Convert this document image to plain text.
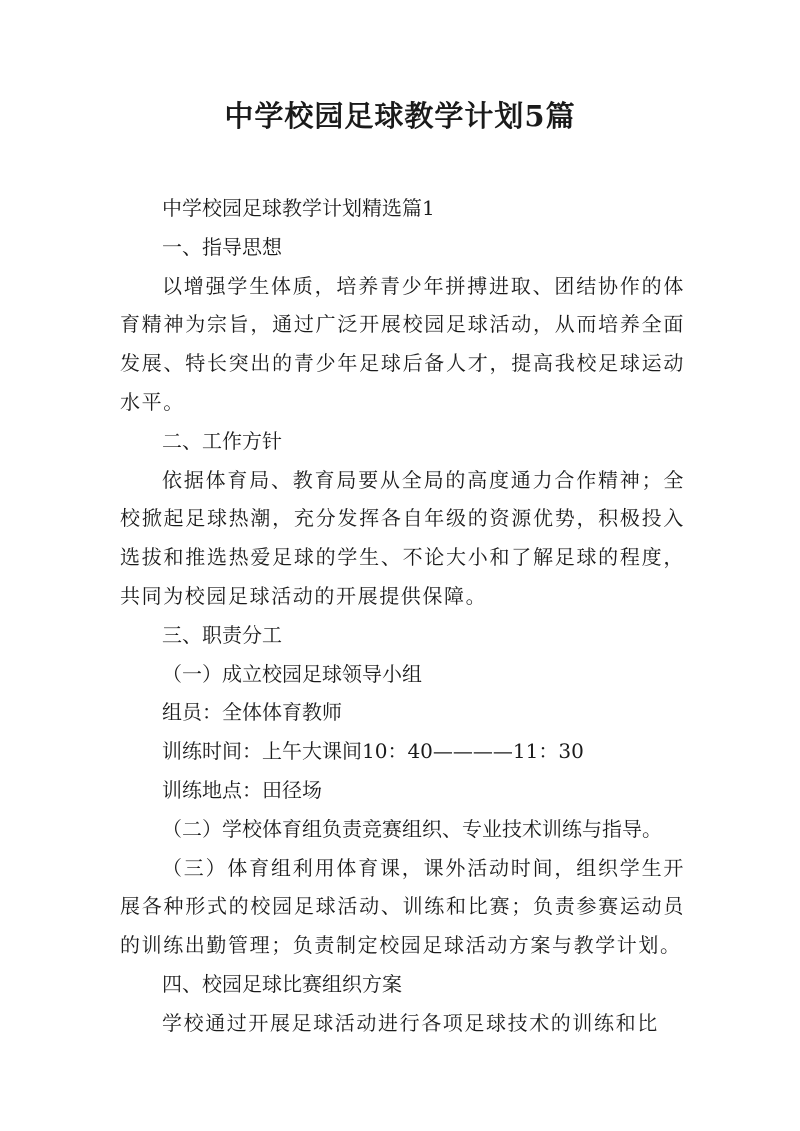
中学校园足球教学计划5篇

中学校园足球教学计划精选篇1

一、指导思想

以增强学生体质，培养青少年拼搏进取、团结协作的体育精神为宗旨，通过广泛开展校园足球活动，从而培养全面发展、特长突出的青少年足球后备人才，提高我校足球运动水平。

二、工作方针

依据体育局、教育局要从全局的高度通力合作精神；全校掀起足球热潮，充分发挥各自年级的资源优势，积极投入选拔和推选热爱足球的学生、不论大小和了解足球的程度，共同为校园足球活动的开展提供保障。

三、职责分工

（一）成立校园足球领导小组

组员：全体体育教师

训练时间：上午大课间10：40————11：30

训练地点：田径场

（二）学校体育组负责竞赛组织、专业技术训练与指导。

（三）体育组利用体育课，课外活动时间，组织学生开展各种形式的校园足球活动、训练和比赛；负责参赛运动员的训练出勤管理；负责制定校园足球活动方案与教学计划。

四、校园足球比赛组织方案

学校通过开展足球活动进行各项足球技术的训练和比
